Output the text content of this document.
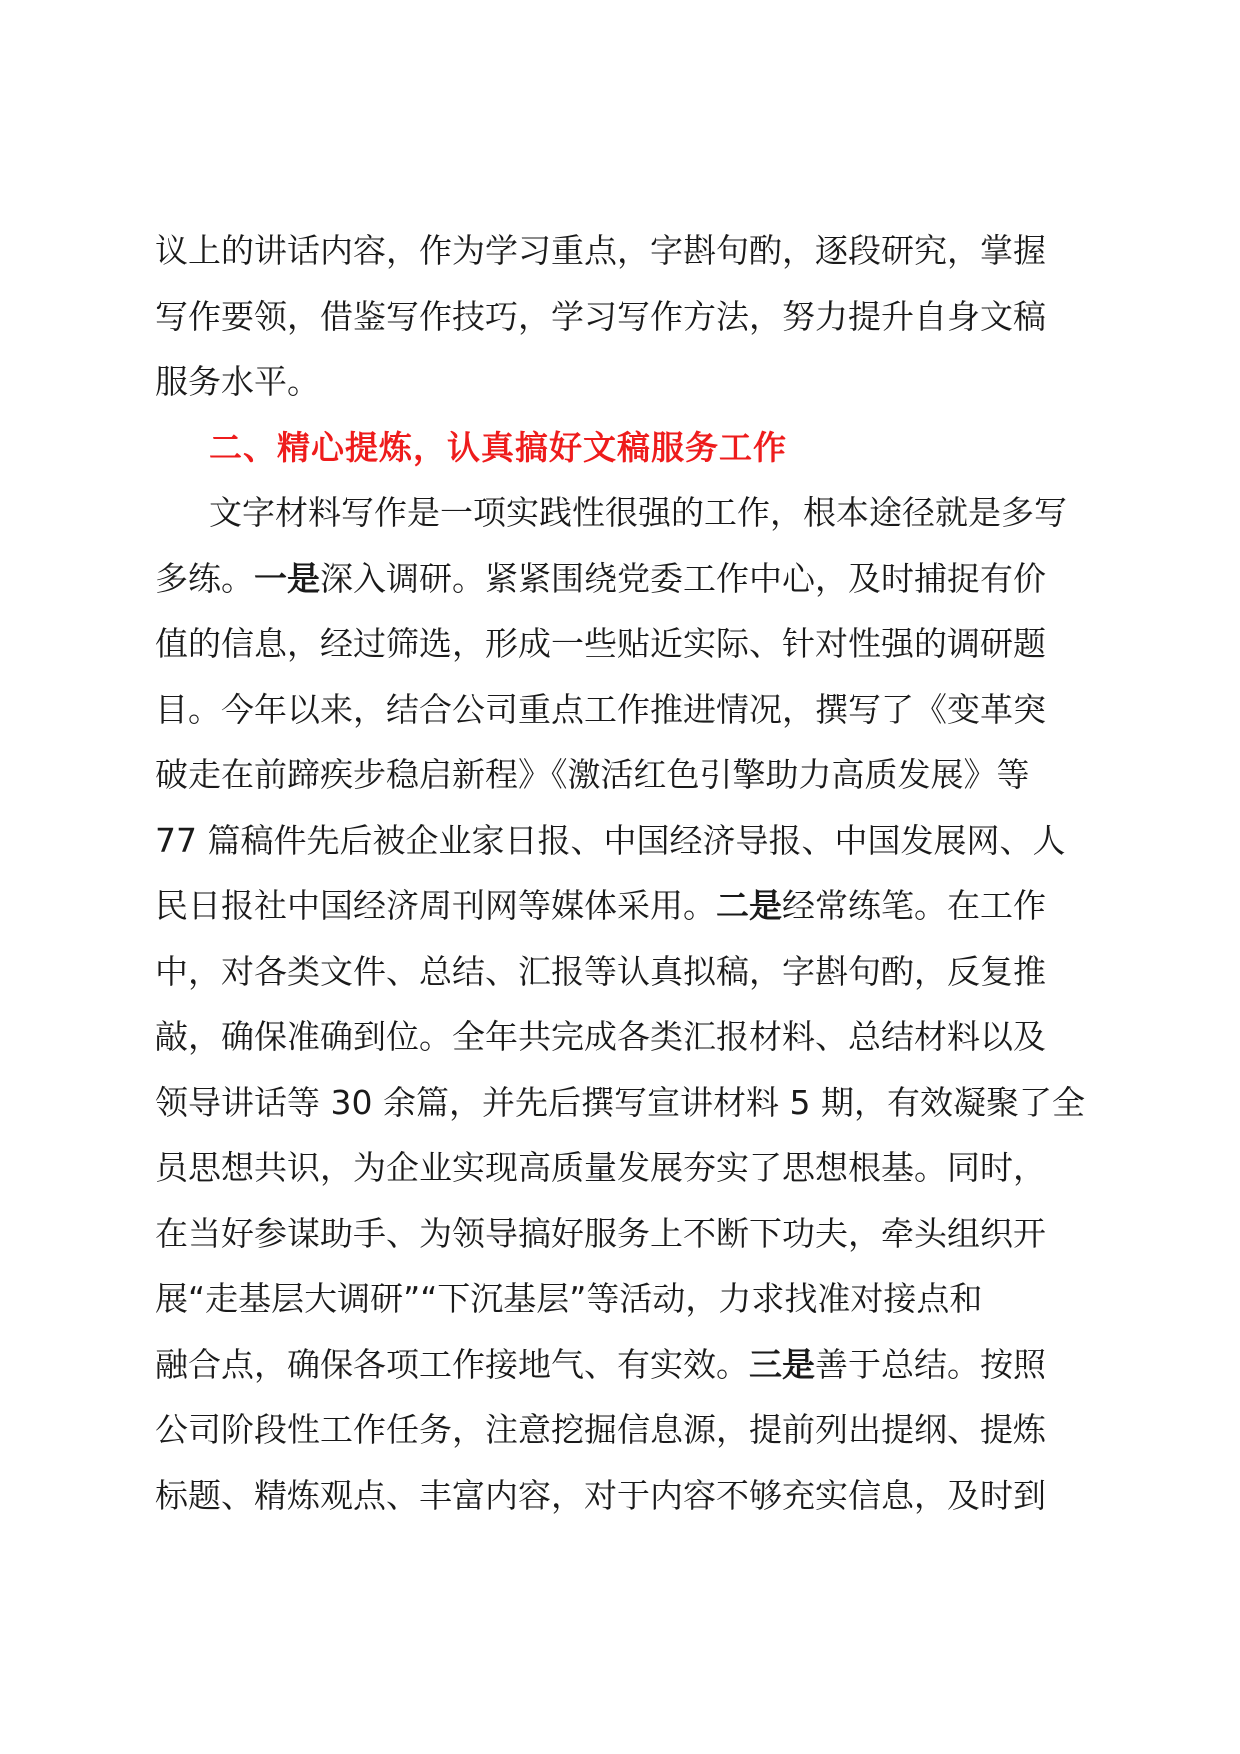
议上的讲话内容，作为学习重点，字斟句酌，逐段研究，掌握
写作要领，借鉴写作技巧，学习写作方法，努力提升自身文稿
服务水平。
二、精心提炼，认真搞好文稿服务工作
文字材料写作是一项实践性很强的工作，根本途径就是多写
多练。一是深入调研。紧紧围绕党委工作中心，及时捕捉有价
值的信息，经过筛选，形成一些贴近实际、针对性强的调研题
目。今年以来，结合公司重点工作推进情况，撰写了《变革突
破走在前蹄疾步稳启新程》《激活红色引擎助力高质发展》等
77 篇稿件先后被企业家日报、中国经济导报、中国发展网、人
民日报社中国经济周刊网等媒体采用。二是经常练笔。在工作
中，对各类文件、总结、汇报等认真拟稿，字斟句酌，反复推
敲，确保准确到位。全年共完成各类汇报材料、总结材料以及
领导讲话等 30 余篇，并先后撰写宣讲材料 5 期，有效凝聚了全
员思想共识，为企业实现高质量发展夯实了思想根基。同时，
在当好参谋助手、为领导搞好服务上不断下功夫，牵头组织开
展“走基层大调研”“下沉基层”等活动，力求找准对接点和
融合点，确保各项工作接地气、有实效。三是善于总结。按照
公司阶段性工作任务，注意挖掘信息源，提前列出提纲、提炼
标题、精炼观点、丰富内容，对于内容不够充实信息，及时到
